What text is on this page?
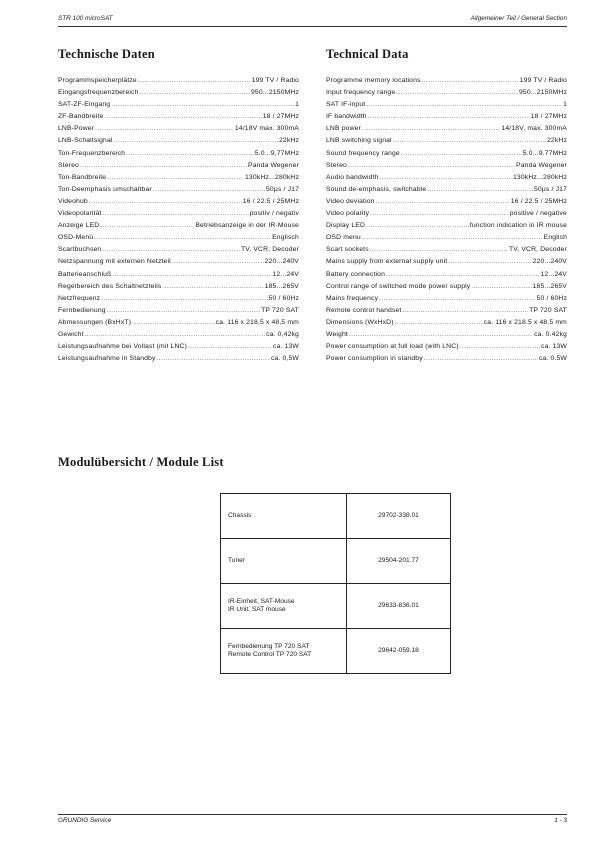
STR 100 microSAT	Allgemeiner Teil / General Section
Technische Daten	Technical Data
Programmspeicherplätze .....	199 TV / Radio
Eingangsfrequenzbereich .....	950...2150MHz
SAT-ZF-Eingang .....	1
ZF-Bandbreite .....	18 / 27MHz
LNB-Power .....	14/18V max. 300mA
LNB-Schaltsignal .....	22kHz
Ton-Frequenzbereich .....	5.0...9,77MHz
Stereo .....	Panda Wegener
Ton-Bandbreite .....	130kHz...280kHz
Ton-Deemphasis umschaltbar .....	50µs / J17
Videohub .....	16 / 22.5 / 25MHz
Videopolarität .....	positiv / negativ
Anzeige LED .....	Betriebsanzeige in der IR-Mouse
OSD-Menü .....	Englisch
Scartbuchsen .....	TV, VCR, Decoder
Netzspannung mit externen Netzteil .....	220...240V
Batterieanschluß .....	12...24V
Regelbereich des Schaltnetzteils .....	185...265V
Netzfrequenz .....	50 / 60Hz
Fernbedienung .....	TP 720 SAT
Abmessungen (BxHxT) .....	ca. 116 x 218,5 x 48,5 mm
Gewicht .....	ca. 0,42kg
Leistungsaufnahme bei Vollast (mit LNC) .....	ca. 13W
Leistungsaufnahme in Standby .....	ca. 0,5W
Programme memory locations .....	199 TV / Radio
Input frequency range .....	950...2150MHz
SAT IF-input .....	1
IF bandwidth .....	18 / 27MHz
LNB power .....	14/18V, max. 300mA
LNB switching signal .....	22kHz
Sound frequency range .....	5.0...9.77MHz
Stereo .....	Panda Wegener
Audio bandwidth .....	130kHz...280kHz
Sound de-emphasis, switchable .....	50µs / J17
Video deviation .....	16 / 22.5 / 25MHz
Video polarity .....	positive / negative
Display LED .....	function indication in IR mouse
OSD menu .....	English
Scart sockets .....	TV, VCR, Decoder
Mains supply from external supply unit .....	220...240V
Battery connection .....	12...24V
Control range of switched mode power supply .....	185...265V
Mains frequency .....	50 / 60Hz
Remote control handset .....	TP 720 SAT
Dimensions (WxHxD) .....	ca. 116 x 218.5 x 48.5 mm
Weight .....	ca. 0.42kg
Power consumption at full load (with LNC) .....	ca. 13W
Power consumption in standby .....	ca. 0.5W
Modulübersicht / Module List
Chassis	29702-338.01

Tuner	29504-201.77

IR-Einheit, SAT-Mouse
IR Unit, SAT mouse	29633-836.01

Fernbedienung TP 720 SAT
Remote Control TP 720 SAT	29642-059.18
GRUNDIG Service	1 - 3
